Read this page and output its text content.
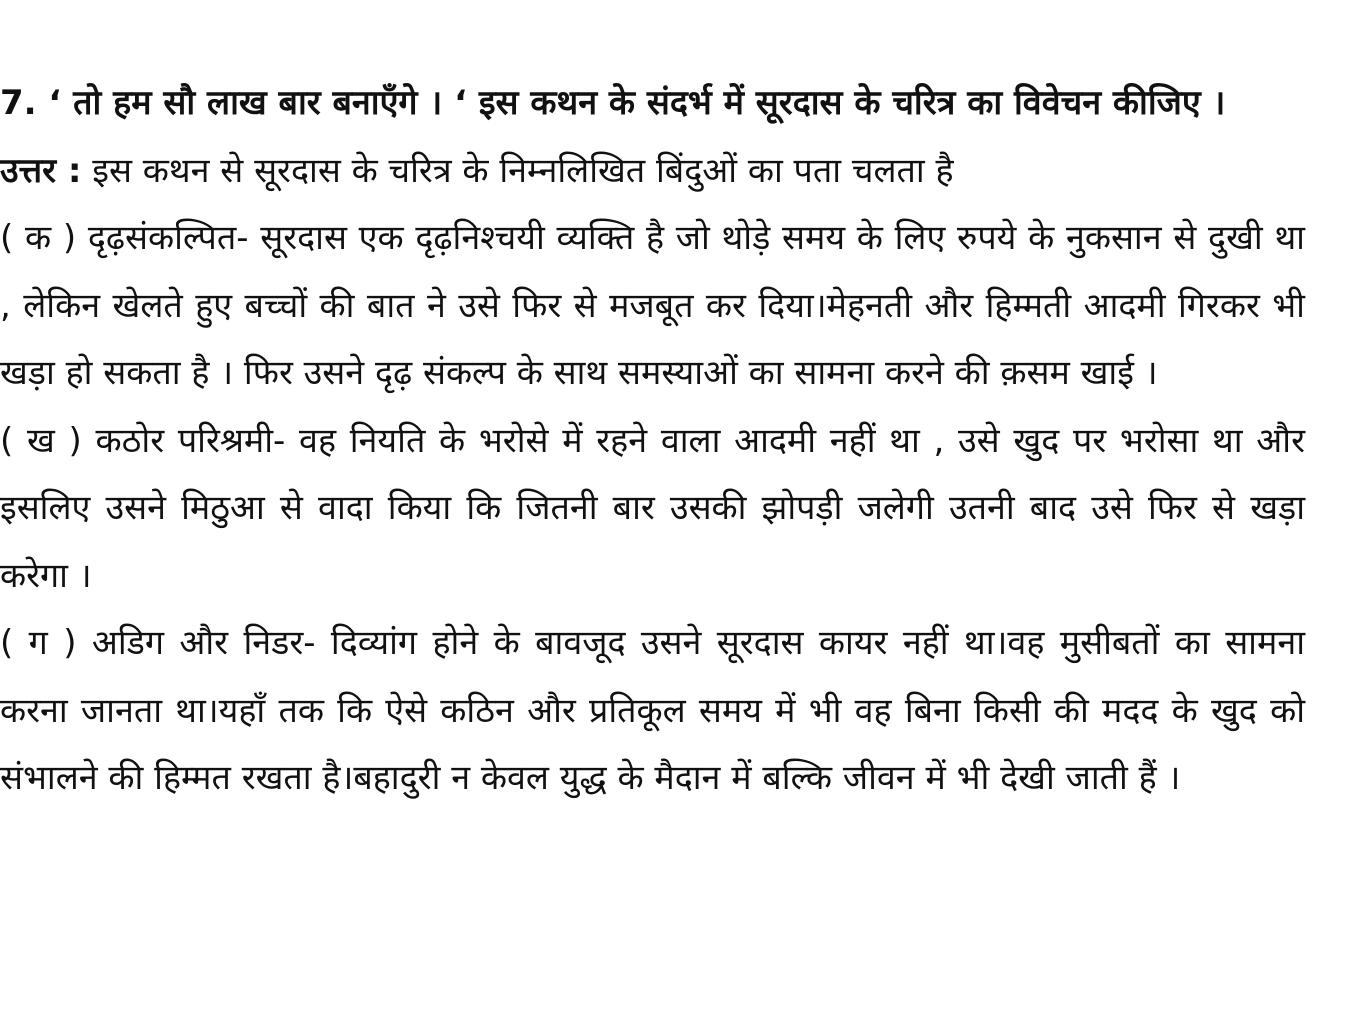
7. ‘ तो हम सौ लाख बार बनाएँगे । ‘ इस कथन के संदर्भ में सूरदास के चरित्र का विवेचन कीजिए ।
उत्तर : इस कथन से सूरदास के चरित्र के निम्नलिखित बिंदुओं का पता चलता है
( क ) दृढ़संकल्पित- सूरदास एक दृढ़निश्चयी व्यक्ति है जो थोड़े समय के लिए रुपये के नुकसान से दुखी था , लेकिन खेलते हुए बच्चों की बात ने उसे फिर से मजबूत कर दिया।मेहनती और हिम्मती आदमी गिरकर भी खड़ा हो सकता है । फिर उसने दृढ़ संकल्प के साथ समस्याओं का सामना करने की क़सम खाई ।
( ख ) कठोर परिश्रमी- वह नियति के भरोसे में रहने वाला आदमी नहीं था , उसे खुद पर भरोसा था और इसलिए उसने मिठुआ से वादा किया कि जितनी बार उसकी झोपड़ी जलेगी उतनी बाद उसे फिर से खड़ा करेगा ।
( ग ) अडिग और निडर- दिव्यांग होने के बावजूद उसने सूरदास कायर नहीं था।वह मुसीबतों का सामना करना जानता था।यहाँ तक कि ऐसे कठिन और प्रतिकूल समय में भी वह बिना किसी की मदद के खुद को संभालने की हिम्मत रखता है।बहादुरी न केवल युद्ध के मैदान में बल्कि जीवन में भी देखी जाती हैं ।
